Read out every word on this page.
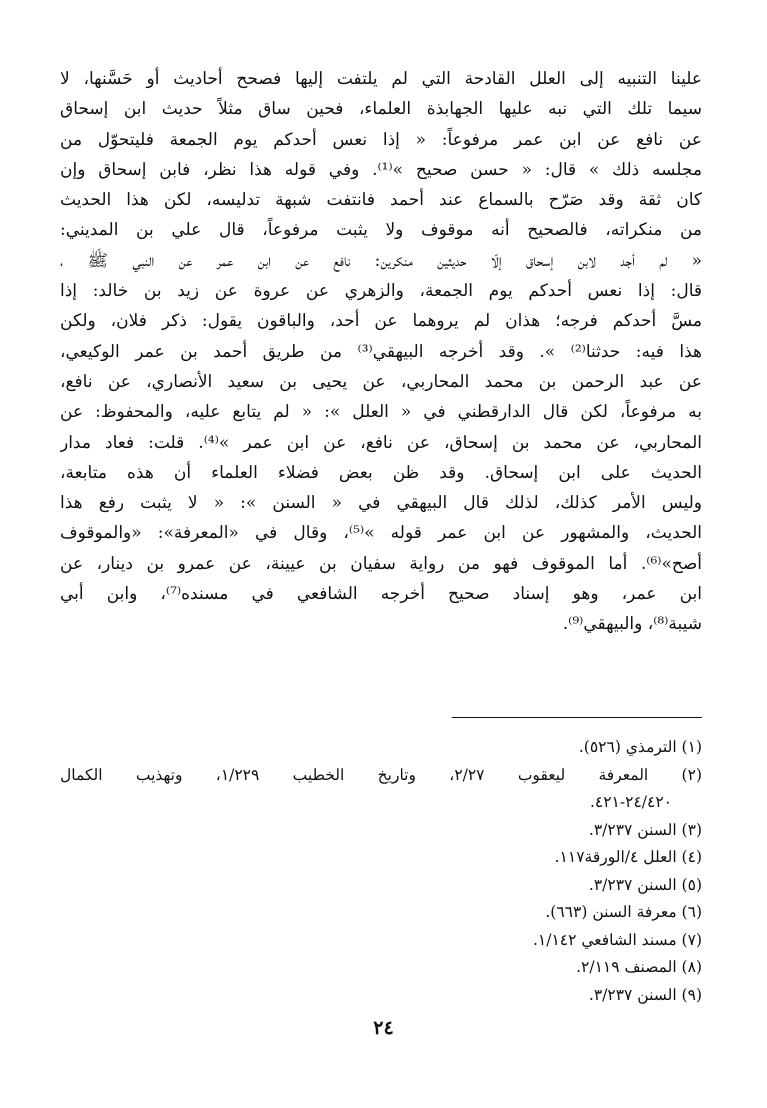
علينا التنبيه إلى العلل القادحة التي لم يلتفت إليها فصحح أحاديث أو حَسَّنها، لا
سيما تلك التي نبه عليها الجهابذة العلماء، فحين ساق مثلاً حديث ابن إسحاق
عن نافع عن ابن عمر مرفوعاً: « إذا نعس أحدكم يوم الجمعة فليتحوّل من
مجلسه ذلك » قال: « حسن صحيح »⁽¹⁾. وفي قوله هذا نظر، فابن إسحاق وإن
كان ثقة وقد صَرّح بالسماع عند أحمد فانتفت شبهة تدليسه، لكن هذا الحديث
من منكراته، فالصحيح أنه موقوف ولا يثبت مرفوعاً، قال علي بن المديني:
« لم أجد لابن إسحاق إلّا حديثين منكرين: نافع عن ابن عمر عن النبي ﷺ ،
قال: إذا نعس أحدكم يوم الجمعة، والزهري عن عروة عن زيد بن خالد: إذا
مسَّ أحدكم فرجه؛ هذان لم يروهما عن أحد، والباقون يقول: ذكر فلان، ولكن
هذا فيه: حدثنا⁽²⁾ ». وقد أخرجه البيهقي⁽³⁾ من طريق أحمد بن عمر الوكيعي،
عن عبد الرحمن بن محمد المحاربي، عن يحيى بن سعيد الأنصاري، عن نافع،
به مرفوعاً، لكن قال الدارقطني في « العلل »: « لم يتابع عليه، والمحفوظ: عن
المحاربي، عن محمد بن إسحاق، عن نافع، عن ابن عمر »⁽⁴⁾. قلت: فعاد مدار
الحديث على ابن إسحاق. وقد ظن بعض فضلاء العلماء أن هذه متابعة،
وليس الأمر كذلك، لذلك قال البيهقي في « السنن »: « لا يثبت رفع هذا
الحديث، والمشهور عن ابن عمر قوله »⁽⁵⁾، وقال في «المعرفة»: «والموقوف
أصح»⁽⁶⁾. أما الموقوف فهو من رواية سفيان بن عيينة، عن عمرو بن دينار، عن
ابن عمر، وهو إسناد صحيح أخرجه الشافعي في مسنده⁽⁷⁾، وابن أبي
شيبة⁽⁸⁾، والبيهقي⁽⁹⁾.
(١) الترمذي (٥٢٦).
(٢) المعرفة ليعقوب ٢/٢٧، وتاريخ الخطيب ١/٢٢٩، وتهذيب الكمال
٢٤/٤٢٠-٤٢١.
(٣) السنن ٣/٢٣٧.
(٤) العلل ٤/الورقة١١٧.
(٥) السنن ٣/٢٣٧.
(٦) معرفة السنن (٦٦٣).
(٧) مسند الشافعي ١/١٤٢.
(٨) المصنف ٢/١١٩.
(٩) السنن ٣/٢٣٧.
٢٤
